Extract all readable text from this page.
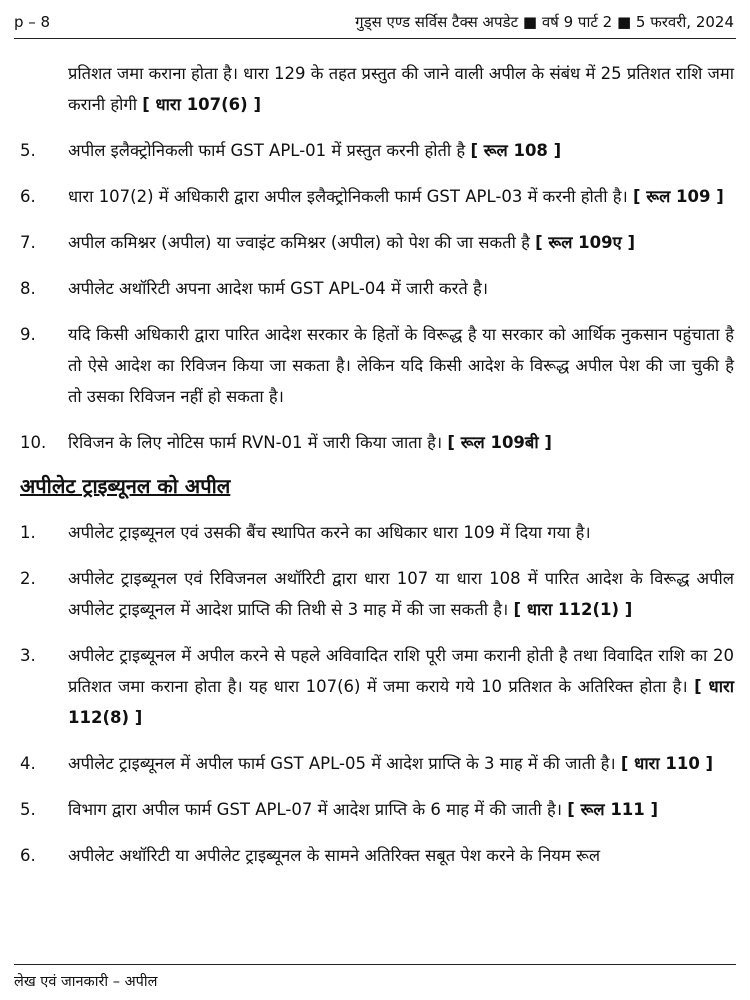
p – 8	गुड्स एण्ड सर्विस टैक्स अपडेट ■ वर्ष 9 पार्ट 2 ■ 5 फरवरी, 2024
प्रतिशत जमा कराना होता है। धारा 129 के तहत प्रस्तुत की जाने वाली अपील के संबंध में 25 प्रतिशत राशि जमा करानी होगी [ धारा 107(6) ]
5. अपील इलैक्ट्रोनिकली फार्म GST APL-01 में प्रस्तुत करनी होती है [ रूल 108 ]
6. धारा 107(2) में अधिकारी द्वारा अपील इलैक्ट्रोनिकली फार्म GST APL-03 में करनी होती है। [ रूल 109 ]
7. अपील कमिश्नर (अपील) या ज्वाइंट कमिश्नर (अपील) को पेश की जा सकती है [ रूल 109ए ]
8. अपीलेट अथॉरिटी अपना आदेश फार्म GST APL-04 में जारी करते है।
9. यदि किसी अधिकारी द्वारा पारित आदेश सरकार के हितों के विरूद्ध है या सरकार को आर्थिक नुकसान पहुंचाता है तो ऐसे आदेश का रिविजन किया जा सकता है। लेकिन यदि किसी आदेश के विरूद्ध अपील पेश की जा चुकी है तो उसका रिविजन नहीं हो सकता है।
10. रिविजन के लिए नोटिस फार्म RVN-01 में जारी किया जाता है। [ रूल 109बी ]
अपीलेट ट्राइब्यूनल को अपील
1. अपीलेट ट्राइब्यूनल एवं उसकी बैंच स्थापित करने का अधिकार धारा 109 में दिया गया है।
2. अपीलेट ट्राइब्यूनल एवं रिविजनल अथॉरिटी द्वारा धारा 107 या धारा 108 में पारित आदेश के विरूद्ध अपील अपीलेट ट्राइब्यूनल में आदेश प्राप्ति की तिथी से 3 माह में की जा सकती है। [ धारा 112(1) ]
3. अपीलेट ट्राइब्यूनल में अपील करने से पहले अविवादित राशि पूरी जमा करानी होती है तथा विवादित राशि का 20 प्रतिशत जमा कराना होता है। यह धारा 107(6) में जमा कराये गये 10 प्रतिशत के अतिरिक्त होता है। [ धारा 112(8) ]
4. अपीलेट ट्राइब्यूनल में अपील फार्म GST APL-05 में आदेश प्राप्ति के 3 माह में की जाती है। [ धारा 110 ]
5. विभाग द्वारा अपील फार्म GST APL-07 में आदेश प्राप्ति के 6 माह में की जाती है। [ रूल 111 ]
6. अपीलेट अथॉरिटी या अपीलेट ट्राइब्यूनल के सामने अतिरिक्त सबूत पेश करने के नियम रूल
लेख एवं जानकारी – अपील
